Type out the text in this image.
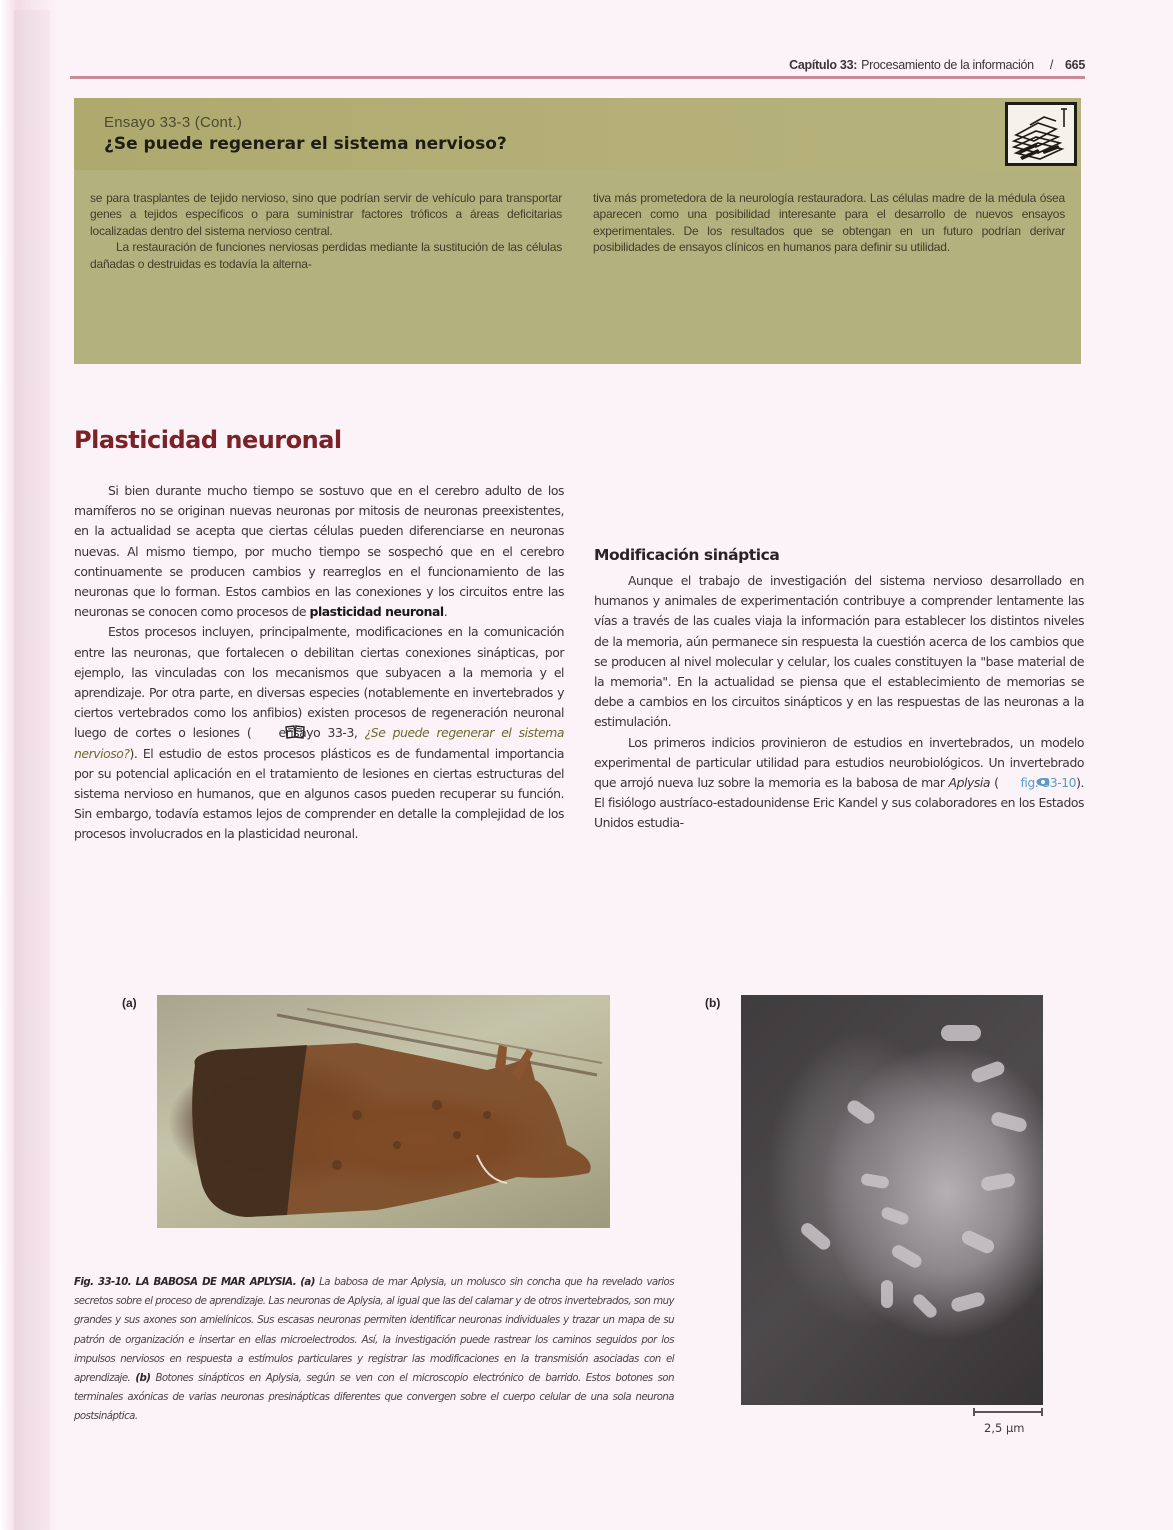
Capítulo 33: Procesamiento de la información / 665
Ensayo 33-3 (Cont.)
¿Se puede regenerar el sistema nervioso?

se para trasplantes de tejido nervioso, sino que podrían servir de vehículo para transportar genes a tejidos específicos o para suministrar factores tróficos a áreas deficitarias localizadas dentro del sistema nervioso central.

La restauración de funciones nerviosas perdidas mediante la sustitución de las células dañadas o destruidas es todavía la alterna-

tiva más prometedora de la neurología restauradora. Las células madre de la médula ósea aparecen como una posibilidad interesante para el desarrollo de nuevos ensayos experimentales. De los resultados que se obtengan en un futuro podrían derivar posibilidades de ensayos clínicos en humanos para definir su utilidad.

Plasticidad neuronal

Si bien durante mucho tiempo se sostuvo que en el cerebro adulto de los mamíferos no se originan nuevas neuronas por mitosis de neuronas preexistentes, en la actualidad se acepta que ciertas células pueden diferenciarse en neuronas nuevas. Al mismo tiempo, por mucho tiempo se sospechó que en el cerebro continuamente se producen cambios y rearreglos en el funcionamiento de las neuronas que lo forman. Estos cambios en las conexiones y los circuitos entre las neuronas se conocen como procesos de plasticidad neuronal.

Estos procesos incluyen, principalmente, modificaciones en la comunicación entre las neuronas, que fortalecen o debilitan ciertas conexiones sinápticas, por ejemplo, las vinculadas con los mecanismos que subyacen a la memoria y el aprendizaje. Por otra parte, en diversas especies (notablemente en invertebrados y ciertos vertebrados como los anfibios) existen procesos de regeneración neuronal luego de cortes o lesiones ( ensayo 33-3, ¿Se puede regenerar el sistema nervioso?). El estudio de estos procesos plásticos es de fundamental importancia por su potencial aplicación en el tratamiento de lesiones en ciertas estructuras del sistema nervioso en humanos, que en algunos casos pueden recuperar su función. Sin embargo, todavía estamos lejos de comprender en detalle la complejidad de los procesos involucrados en la plasticidad neuronal.

Modificación sináptica

Aunque el trabajo de investigación del sistema nervioso desarrollado en humanos y animales de experimentación contribuye a comprender lentamente las vías a través de las cuales viaja la información para establecer los distintos niveles de la memoria, aún permanece sin respuesta la cuestión acerca de los cambios que se producen al nivel molecular y celular, los cuales constituyen la "base material de la memoria". En la actualidad se piensa que el establecimiento de memorias se debe a cambios en los circuitos sinápticos y en las respuestas de las neuronas a la estimulación.

Los primeros indicios provinieron de estudios en invertebrados, un modelo experimental de particular utilidad para estudios neurobiológicos. Un invertebrado que arrojó nueva luz sobre la memoria es la babosa de mar Aplysia ( fig. 33-10). El fisiólogo austríaco-estadounidense Eric Kandel y sus colaboradores en los Estados Unidos estudia-

(a)	(b)
2,5 µm
Fig. 33-10. LA BABOSA DE MAR APLYSIA. (a) La babosa de mar Aplysia, un molusco sin concha que ha revelado varios secretos sobre el proceso de aprendizaje. Las neuronas de Aplysia, al igual que las del calamar y de otros invertebrados, son muy grandes y sus axones son amielínicos. Sus escasas neuronas permiten identificar neuronas individuales y trazar un mapa de su patrón de organización e insertar en ellas microelectrodos. Así, la investigación puede rastrear los caminos seguidos por los impulsos nerviosos en respuesta a estímulos particulares y registrar las modificaciones en la transmisión asociadas con el aprendizaje. (b) Botones sinápticos en Aplysia, según se ven con el microscopio electrónico de barrido. Estos botones son terminales axónicas de varias neuronas presinápticas diferentes que convergen sobre el cuerpo celular de una sola neurona postsináptica.
